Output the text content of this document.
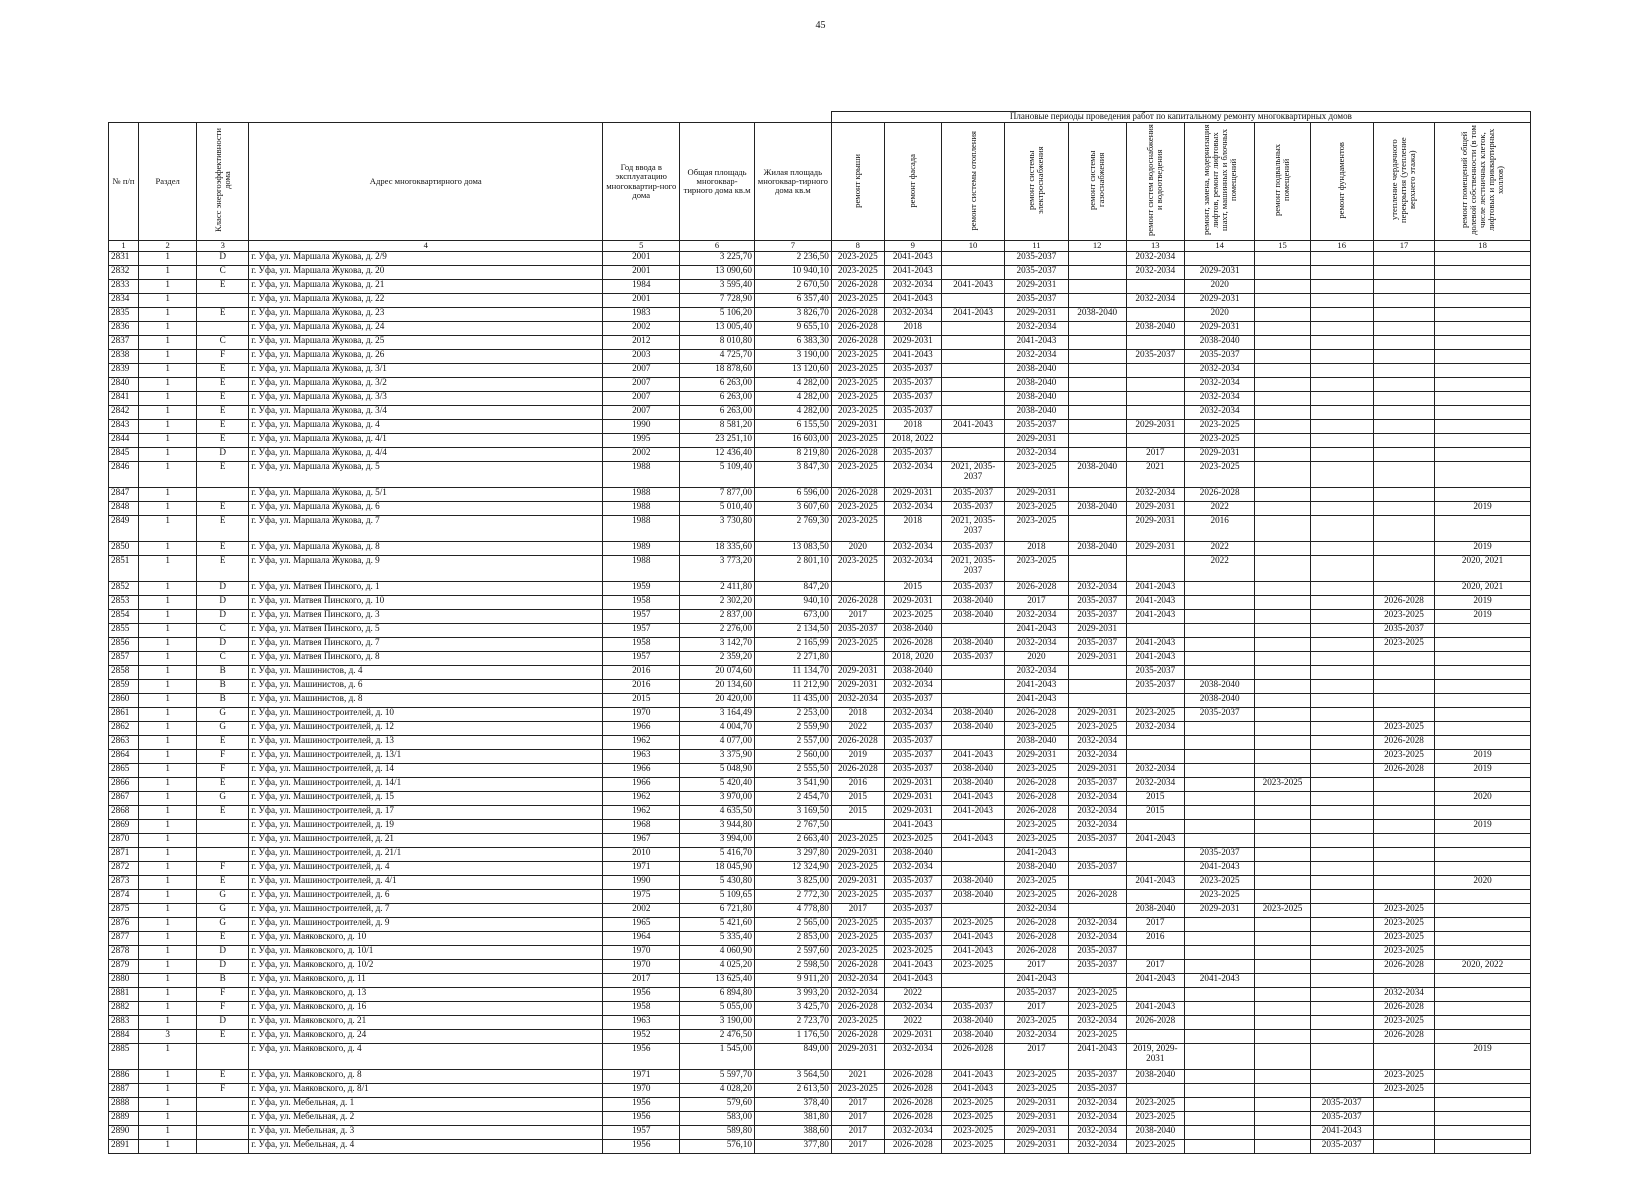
45
							Плановые периоды проведения работ по капитальному ремонту многоквартирных домов										

№ п/п	Раздел	Класс энергоэффективности дома	Адрес многоквартирного дома	Год ввода в эксплуатацию многоквартир-ного дома	Общая площадь многоквар-тирного дома кв.м	Жилая площадь многоквар-тирного дома кв.м	ремонт крыши	ремонт фасада	ремонт системы отопления	ремонт системы электроснабжения	ремонт системы газоснабжения	ремонт систем водоснабжения и водоотведения	ремонт, замена, модернизация лифтов, ремонт лифтовых шахт, машинных и блочных помещений	ремонт подвальных помещений	ремонт фундаментов	утепление чердачного перекрытия (утепление верхнего этажа)	ремонт помещений общей долевой собственности (в том числе лестничных клеток, лифтовых и приквартирных холлов)
1	2	3	4	5	6	7	8	9	10	11	12	13	14	15	16	17	18
2831	1	D	г. Уфа, ул. Маршала Жукова, д. 2/9	2001	3 225,70	2 236,50	2023-2025	2041-2043		2035-2037		2032-2034					
2832	1	C	г. Уфа, ул. Маршала Жукова, д. 20	2001	13 090,60	10 940,10	2023-2025	2041-2043		2035-2037		2032-2034	2029-2031				
2833	1	E	г. Уфа, ул. Маршала Жукова, д. 21	1984	3 595,40	2 670,50	2026-2028	2032-2034	2041-2043	2029-2031			2020				
2834	1		г. Уфа, ул. Маршала Жукова, д. 22	2001	7 728,90	6 357,40	2023-2025	2041-2043		2035-2037		2032-2034	2029-2031				
2835	1	E	г. Уфа, ул. Маршала Жукова, д. 23	1983	5 106,20	3 826,70	2026-2028	2032-2034	2041-2043	2029-2031	2038-2040		2020				
2836	1		г. Уфа, ул. Маршала Жукова, д. 24	2002	13 005,40	9 655,10	2026-2028	2018		2032-2034		2038-2040	2029-2031				
2837	1	C	г. Уфа, ул. Маршала Жукова, д. 25	2012	8 010,80	6 383,30	2026-2028	2029-2031		2041-2043			2038-2040				
2838	1	F	г. Уфа, ул. Маршала Жукова, д. 26	2003	4 725,70	3 190,00	2023-2025	2041-2043		2032-2034		2035-2037	2035-2037				
2839	1	E	г. Уфа, ул. Маршала Жукова, д. 3/1	2007	18 878,60	13 120,60	2023-2025	2035-2037		2038-2040			2032-2034				
2840	1	E	г. Уфа, ул. Маршала Жукова, д. 3/2	2007	6 263,00	4 282,00	2023-2025	2035-2037		2038-2040			2032-2034				
2841	1	E	г. Уфа, ул. Маршала Жукова, д. 3/3	2007	6 263,00	4 282,00	2023-2025	2035-2037		2038-2040			2032-2034				
2842	1	E	г. Уфа, ул. Маршала Жукова, д. 3/4	2007	6 263,00	4 282,00	2023-2025	2035-2037		2038-2040			2032-2034				
2843	1	E	г. Уфа, ул. Маршала Жукова, д. 4	1990	8 581,20	6 155,50	2029-2031	2018	2041-2043	2035-2037		2029-2031	2023-2025				
2844	1	E	г. Уфа, ул. Маршала Жукова, д. 4/1	1995	23 251,10	16 603,00	2023-2025	2018, 2022		2029-2031			2023-2025				
2845	1	D	г. Уфа, ул. Маршала Жукова, д. 4/4	2002	12 436,40	8 219,80	2026-2028	2035-2037		2032-2034		2017	2029-2031				
2846	1	E	г. Уфа, ул. Маршала Жукова, д. 5	1988	5 109,40	3 847,30	2023-2025	2032-2034	2021, 2035-2037	2023-2025	2038-2040	2021	2023-2025				
2847	1		г. Уфа, ул. Маршала Жукова, д. 5/1	1988	7 877,00	6 596,00	2026-2028	2029-2031	2035-2037	2029-2031		2032-2034	2026-2028				
2848	1	E	г. Уфа, ул. Маршала Жукова, д. 6	1988	5 010,40	3 607,60	2023-2025	2032-2034	2035-2037	2023-2025	2038-2040	2029-2031	2022				2019
2849	1	E	г. Уфа, ул. Маршала Жукова, д. 7	1988	3 730,80	2 769,30	2023-2025	2018	2021, 2035-2037	2023-2025		2029-2031	2016				
2850	1	E	г. Уфа, ул. Маршала Жукова, д. 8	1989	18 335,60	13 083,50	2020	2032-2034	2035-2037	2018	2038-2040	2029-2031	2022				2019
2851	1	E	г. Уфа, ул. Маршала Жукова, д. 9	1988	3 773,20	2 801,10	2023-2025	2032-2034	2021, 2035-2037	2023-2025			2022				2020, 2021
2852	1	D	г. Уфа, ул. Матвея Пинского, д. 1	1959	2 411,80	847,20		2015	2035-2037	2026-2028	2032-2034	2041-2043					2020, 2021
2853	1	D	г. Уфа, ул. Матвея Пинского, д. 10	1958	2 302,20	940,10	2026-2028	2029-2031	2038-2040	2017	2035-2037	2041-2043				2026-2028	2019
2854	1	D	г. Уфа, ул. Матвея Пинского, д. 3	1957	2 837,00	673,00	2017	2023-2025	2038-2040	2032-2034	2035-2037	2041-2043				2023-2025	2019
2855	1	C	г. Уфа, ул. Матвея Пинского, д. 5	1957	2 276,00	2 134,50	2035-2037	2038-2040		2041-2043	2029-2031					2035-2037	
2856	1	D	г. Уфа, ул. Матвея Пинского, д. 7	1958	3 142,70	2 165,99	2023-2025	2026-2028	2038-2040	2032-2034	2035-2037	2041-2043				2023-2025	
2857	1	C	г. Уфа, ул. Матвея Пинского, д. 8	1957	2 359,20	2 271,80		2018, 2020	2035-2037	2020	2029-2031	2041-2043					
2858	1	B	г. Уфа, ул. Машинистов, д. 4	2016	20 074,60	11 134,70	2029-2031	2038-2040		2032-2034		2035-2037					
2859	1	B	г. Уфа, ул. Машинистов, д. 6	2016	20 134,60	11 212,90	2029-2031	2032-2034		2041-2043		2035-2037	2038-2040				
2860	1	B	г. Уфа, ул. Машинистов, д. 8	2015	20 420,00	11 435,00	2032-2034	2035-2037		2041-2043			2038-2040				
2861	1	G	г. Уфа, ул. Машиностроителей, д. 10	1970	3 164,49	2 253,00	2018	2032-2034	2038-2040	2026-2028	2029-2031	2023-2025	2035-2037				
2862	1	G	г. Уфа, ул. Машиностроителей, д. 12	1966	4 004,70	2 559,90	2022	2035-2037	2038-2040	2023-2025	2023-2025	2032-2034				2023-2025	
2863	1	E	г. Уфа, ул. Машиностроителей, д. 13	1962	4 077,00	2 557,00	2026-2028	2035-2037		2038-2040	2032-2034					2026-2028	
2864	1	F	г. Уфа, ул. Машиностроителей, д. 13/1	1963	3 375,90	2 560,00	2019	2035-2037	2041-2043	2029-2031	2032-2034					2023-2025	2019
2865	1	F	г. Уфа, ул. Машиностроителей, д. 14	1966	5 048,90	2 555,50	2026-2028	2035-2037	2038-2040	2023-2025	2029-2031	2032-2034				2026-2028	2019
2866	1	E	г. Уфа, ул. Машиностроителей, д. 14/1	1966	5 420,40	3 541,90	2016	2029-2031	2038-2040	2026-2028	2035-2037	2032-2034		2023-2025			
2867	1	G	г. Уфа, ул. Машиностроителей, д. 15	1962	3 970,00	2 454,70	2015	2029-2031	2041-2043	2026-2028	2032-2034	2015					2020
2868	1	E	г. Уфа, ул. Машиностроителей, д. 17	1962	4 635,50	3 169,50	2015	2029-2031	2041-2043	2026-2028	2032-2034	2015					
2869	1		г. Уфа, ул. Машиностроителей, д. 19	1968	3 944,80	2 767,50		2041-2043		2023-2025	2032-2034						2019
2870	1		г. Уфа, ул. Машиностроителей, д. 21	1967	3 994,00	2 663,40	2023-2025	2023-2025	2041-2043	2023-2025	2035-2037	2041-2043					
2871	1		г. Уфа, ул. Машиностроителей, д. 21/1	2010	5 416,70	3 297,80	2029-2031	2038-2040		2041-2043			2035-2037				
2872	1	F	г. Уфа, ул. Машиностроителей, д. 4	1971	18 045,90	12 324,90	2023-2025	2032-2034		2038-2040	2035-2037		2041-2043				
2873	1	E	г. Уфа, ул. Машиностроителей, д. 4/1	1990	5 430,80	3 825,00	2029-2031	2035-2037	2038-2040	2023-2025		2041-2043	2023-2025				2020
2874	1	G	г. Уфа, ул. Машиностроителей, д. 6	1975	5 109,65	2 772,30	2023-2025	2035-2037	2038-2040	2023-2025	2026-2028		2023-2025				
2875	1	G	г. Уфа, ул. Машиностроителей, д. 7	2002	6 721,80	4 778,80	2017	2035-2037		2032-2034		2038-2040	2029-2031	2023-2025		2023-2025	
2876	1	G	г. Уфа, ул. Машиностроителей, д. 9	1965	5 421,60	2 565,00	2023-2025	2035-2037	2023-2025	2026-2028	2032-2034	2017				2023-2025	
2877	1	E	г. Уфа, ул. Маяковского, д. 10	1964	5 335,40	2 853,00	2023-2025	2035-2037	2041-2043	2026-2028	2032-2034	2016				2023-2025	
2878	1	D	г. Уфа, ул. Маяковского, д. 10/1	1970	4 060,90	2 597,60	2023-2025	2023-2025	2041-2043	2026-2028	2035-2037					2023-2025	
2879	1	D	г. Уфа, ул. Маяковского, д. 10/2	1970	4 025,20	2 598,50	2026-2028	2041-2043	2023-2025	2017	2035-2037	2017				2026-2028	2020, 2022
2880	1	B	г. Уфа, ул. Маяковского, д. 11	2017	13 625,40	9 911,20	2032-2034	2041-2043		2041-2043		2041-2043	2041-2043				
2881	1	F	г. Уфа, ул. Маяковского, д. 13	1956	6 894,80	3 993,20	2032-2034	2022		2035-2037	2023-2025					2032-2034	
2882	1	F	г. Уфа, ул. Маяковского, д. 16	1958	5 055,00	3 425,70	2026-2028	2032-2034	2035-2037	2017	2023-2025	2041-2043				2026-2028	
2883	1	D	г. Уфа, ул. Маяковского, д. 21	1963	3 190,00	2 723,70	2023-2025	2022	2038-2040	2023-2025	2032-2034	2026-2028				2023-2025	
2884	3	E	г. Уфа, ул. Маяковского, д. 24	1952	2 476,50	1 176,50	2026-2028	2029-2031	2038-2040	2032-2034	2023-2025					2026-2028	
2885	1		г. Уфа, ул. Маяковского, д. 4	1956	1 545,00	849,00	2029-2031	2032-2034	2026-2028	2017	2041-2043	2019, 2029-2031					2019
2886	1	E	г. Уфа, ул. Маяковского, д. 8	1971	5 597,70	3 564,50	2021	2026-2028	2041-2043	2023-2025	2035-2037	2038-2040				2023-2025	
2887	1	F	г. Уфа, ул. Маяковского, д. 8/1	1970	4 028,20	2 613,50	2023-2025	2026-2028	2041-2043	2023-2025	2035-2037					2023-2025	
2888	1		г. Уфа, ул. Мебельная, д. 1	1956	579,60	378,40	2017	2026-2028	2023-2025	2029-2031	2032-2034	2023-2025			2035-2037		
2889	1		г. Уфа, ул. Мебельная, д. 2	1956	583,00	381,80	2017	2026-2028	2023-2025	2029-2031	2032-2034	2023-2025			2035-2037		
2890	1		г. Уфа, ул. Мебельная, д. 3	1957	589,80	388,60	2017	2032-2034	2023-2025	2029-2031	2032-2034	2038-2040			2041-2043		
2891	1		г. Уфа, ул. Мебельная, д. 4	1956	576,10	377,80	2017	2026-2028	2023-2025	2029-2031	2032-2034	2023-2025			2035-2037		
